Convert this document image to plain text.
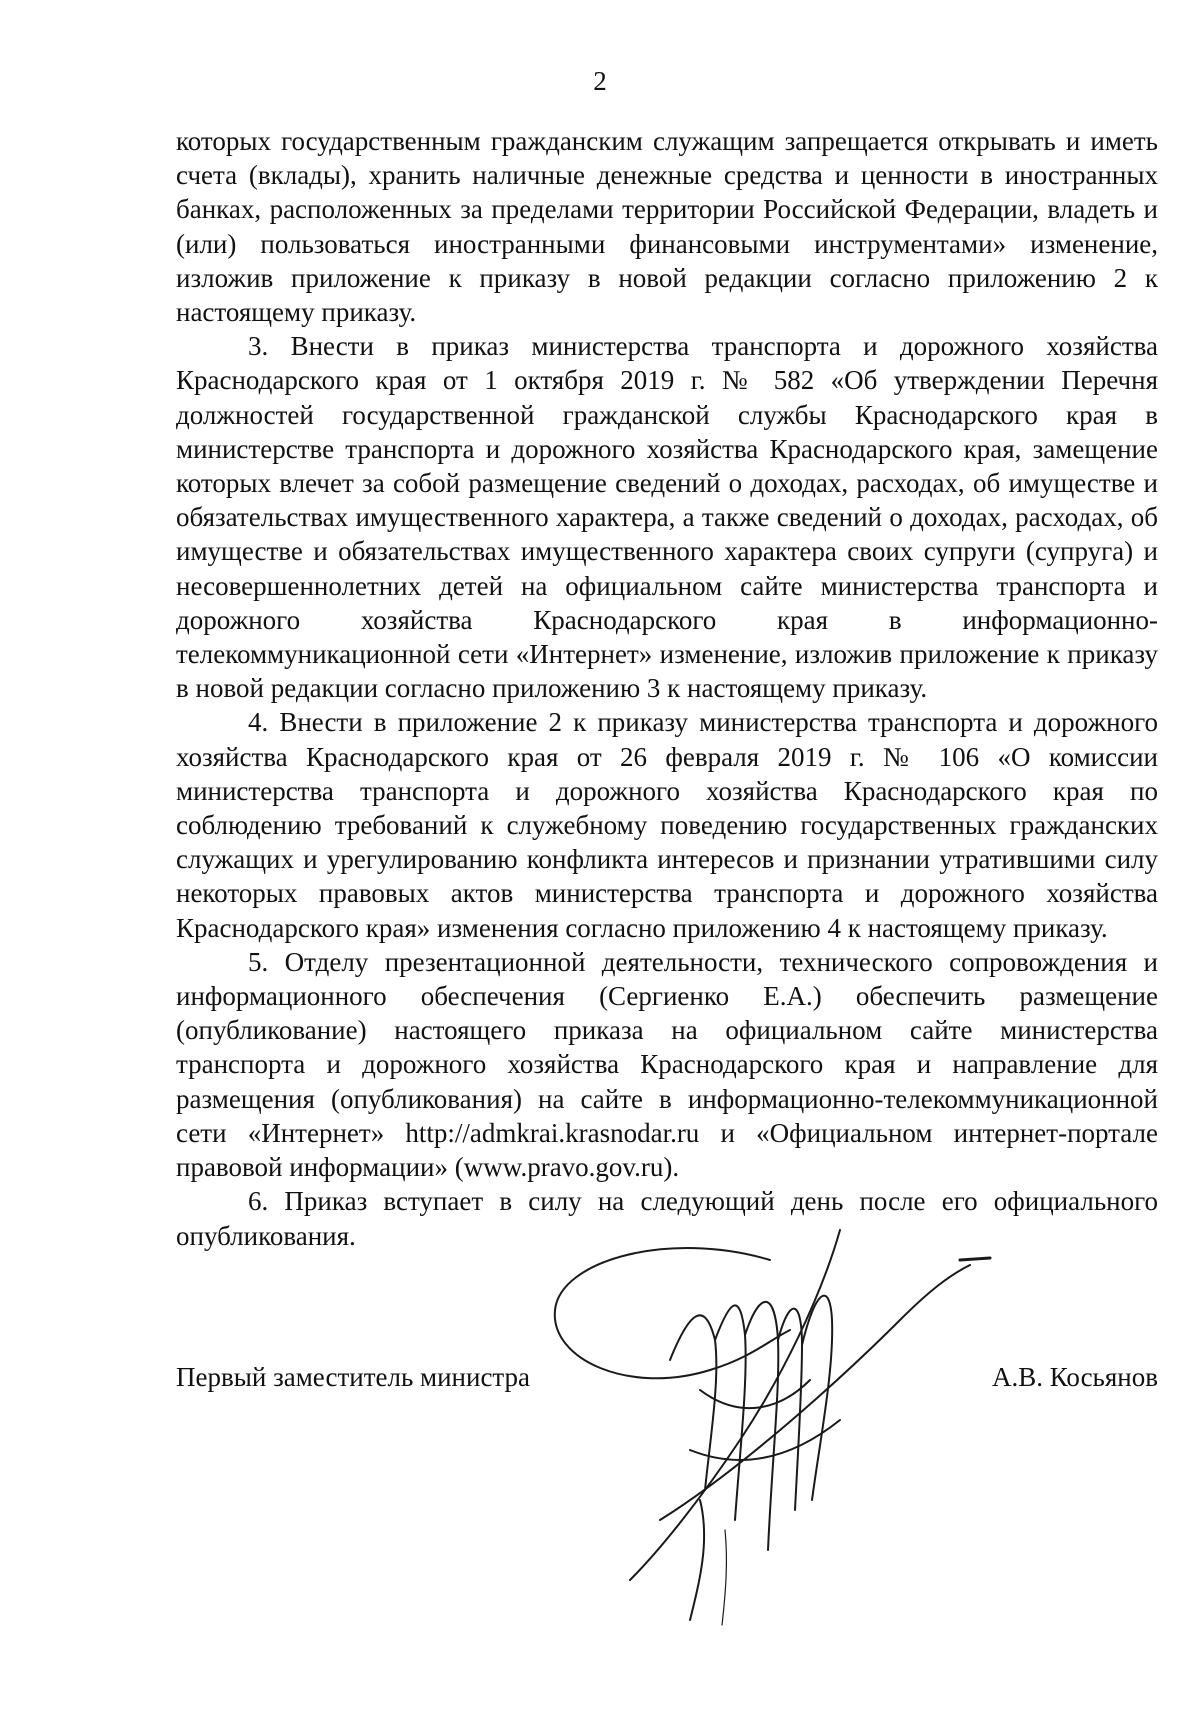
2

которых государственным гражданским служащим запрещается открывать и иметь счета (вклады), хранить наличные денежные средства и ценности в иностранных банках, расположенных за пределами территории Российской Федерации, владеть и (или) пользоваться иностранными финансовыми инструментами» изменение, изложив приложение к приказу в новой редакции согласно приложению 2 к настоящему приказу.

3. Внести в приказ министерства транспорта и дорожного хозяйства Краснодарского края от 1 октября 2019 г. № 582 «Об утверждении Перечня должностей государственной гражданской службы Краснодарского края в министерстве транспорта и дорожного хозяйства Краснодарского края, замещение которых влечет за собой размещение сведений о доходах, расходах, об имуществе и обязательствах имущественного характера, а также сведений о доходах, расходах, об имуществе и обязательствах имущественного характера своих супруги (супруга) и несовершеннолетних детей на официальном сайте министерства транспорта и дорожного хозяйства Краснодарского края в информационно-телекоммуникационной сети «Интернет» изменение, изложив приложение к приказу в новой редакции согласно приложению 3 к настоящему приказу.

4. Внести в приложение 2 к приказу министерства транспорта и дорожного хозяйства Краснодарского края от 26 февраля 2019 г. № 106 «О комиссии министерства транспорта и дорожного хозяйства Краснодарского края по соблюдению требований к служебному поведению государственных гражданских служащих и урегулированию конфликта интересов и признании утратившими силу некоторых правовых актов министерства транспорта и дорожного хозяйства Краснодарского края» изменения согласно приложению 4 к настоящему приказу.

5. Отделу презентационной деятельности, технического сопровождения и информационного обеспечения (Сергиенко Е.А.) обеспечить размещение (опубликование) настоящего приказа на официальном сайте министерства транспорта и дорожного хозяйства Краснодарского края и направление для размещения (опубликования) на сайте в информационно-телекоммуникационной сети «Интернет» http://admkrai.krasnodar.ru и «Официальном интернет-портале правовой информации» (www.pravo.gov.ru).

6. Приказ вступает в силу на следующий день после его официального опубликования.

Первый заместитель министра	А.В. Косьянов
